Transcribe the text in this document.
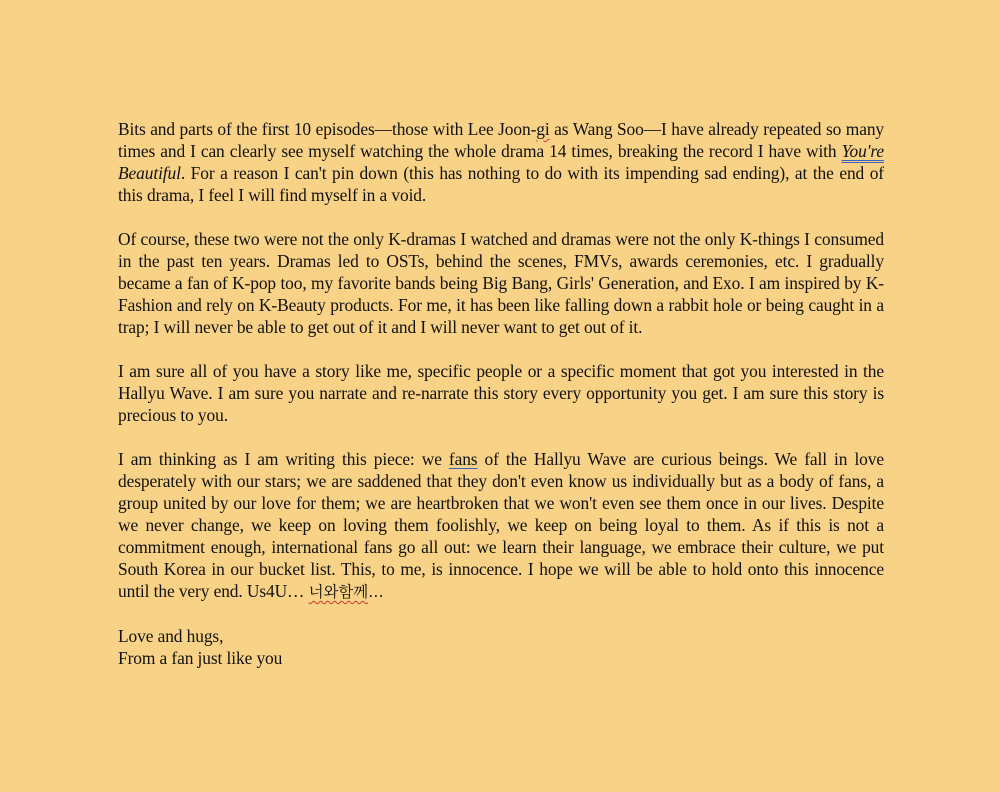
Bits and parts of the first 10 episodes—those with Lee Joon-gi as Wang Soo—I have already repeated so many times and I can clearly see myself watching the whole drama 14 times, breaking the record I have with You're Beautiful. For a reason I can't pin down (this has nothing to do with its impending sad ending), at the end of this drama, I feel I will find myself in a void.

Of course, these two were not the only K-dramas I watched and dramas were not the only K-things I consumed in the past ten years. Dramas led to OSTs, behind the scenes, FMVs, awards ceremonies, etc. I gradually became a fan of K-pop too, my favorite bands being Big Bang, Girls' Generation, and Exo. I am inspired by K-Fashion and rely on K-Beauty products. For me, it has been like falling down a rabbit hole or being caught in a trap; I will never be able to get out of it and I will never want to get out of it.

I am sure all of you have a story like me, specific people or a specific moment that got you interested in the Hallyu Wave. I am sure you narrate and re-narrate this story every opportunity you get. I am sure this story is precious to you.

I am thinking as I am writing this piece: we fans of the Hallyu Wave are curious beings. We fall in love desperately with our stars; we are saddened that they don't even know us individually but as a body of fans, a group united by our love for them; we are heartbroken that we won't even see them once in our lives. Despite we never change, we keep on loving them foolishly, we keep on being loyal to them. As if this is not a commitment enough, international fans go all out: we learn their language, we embrace their culture, we put South Korea in our bucket list. This, to me, is innocence. I hope we will be able to hold onto this innocence until the very end. Us4U… 너와함께…

Love and hugs,
From a fan just like you
